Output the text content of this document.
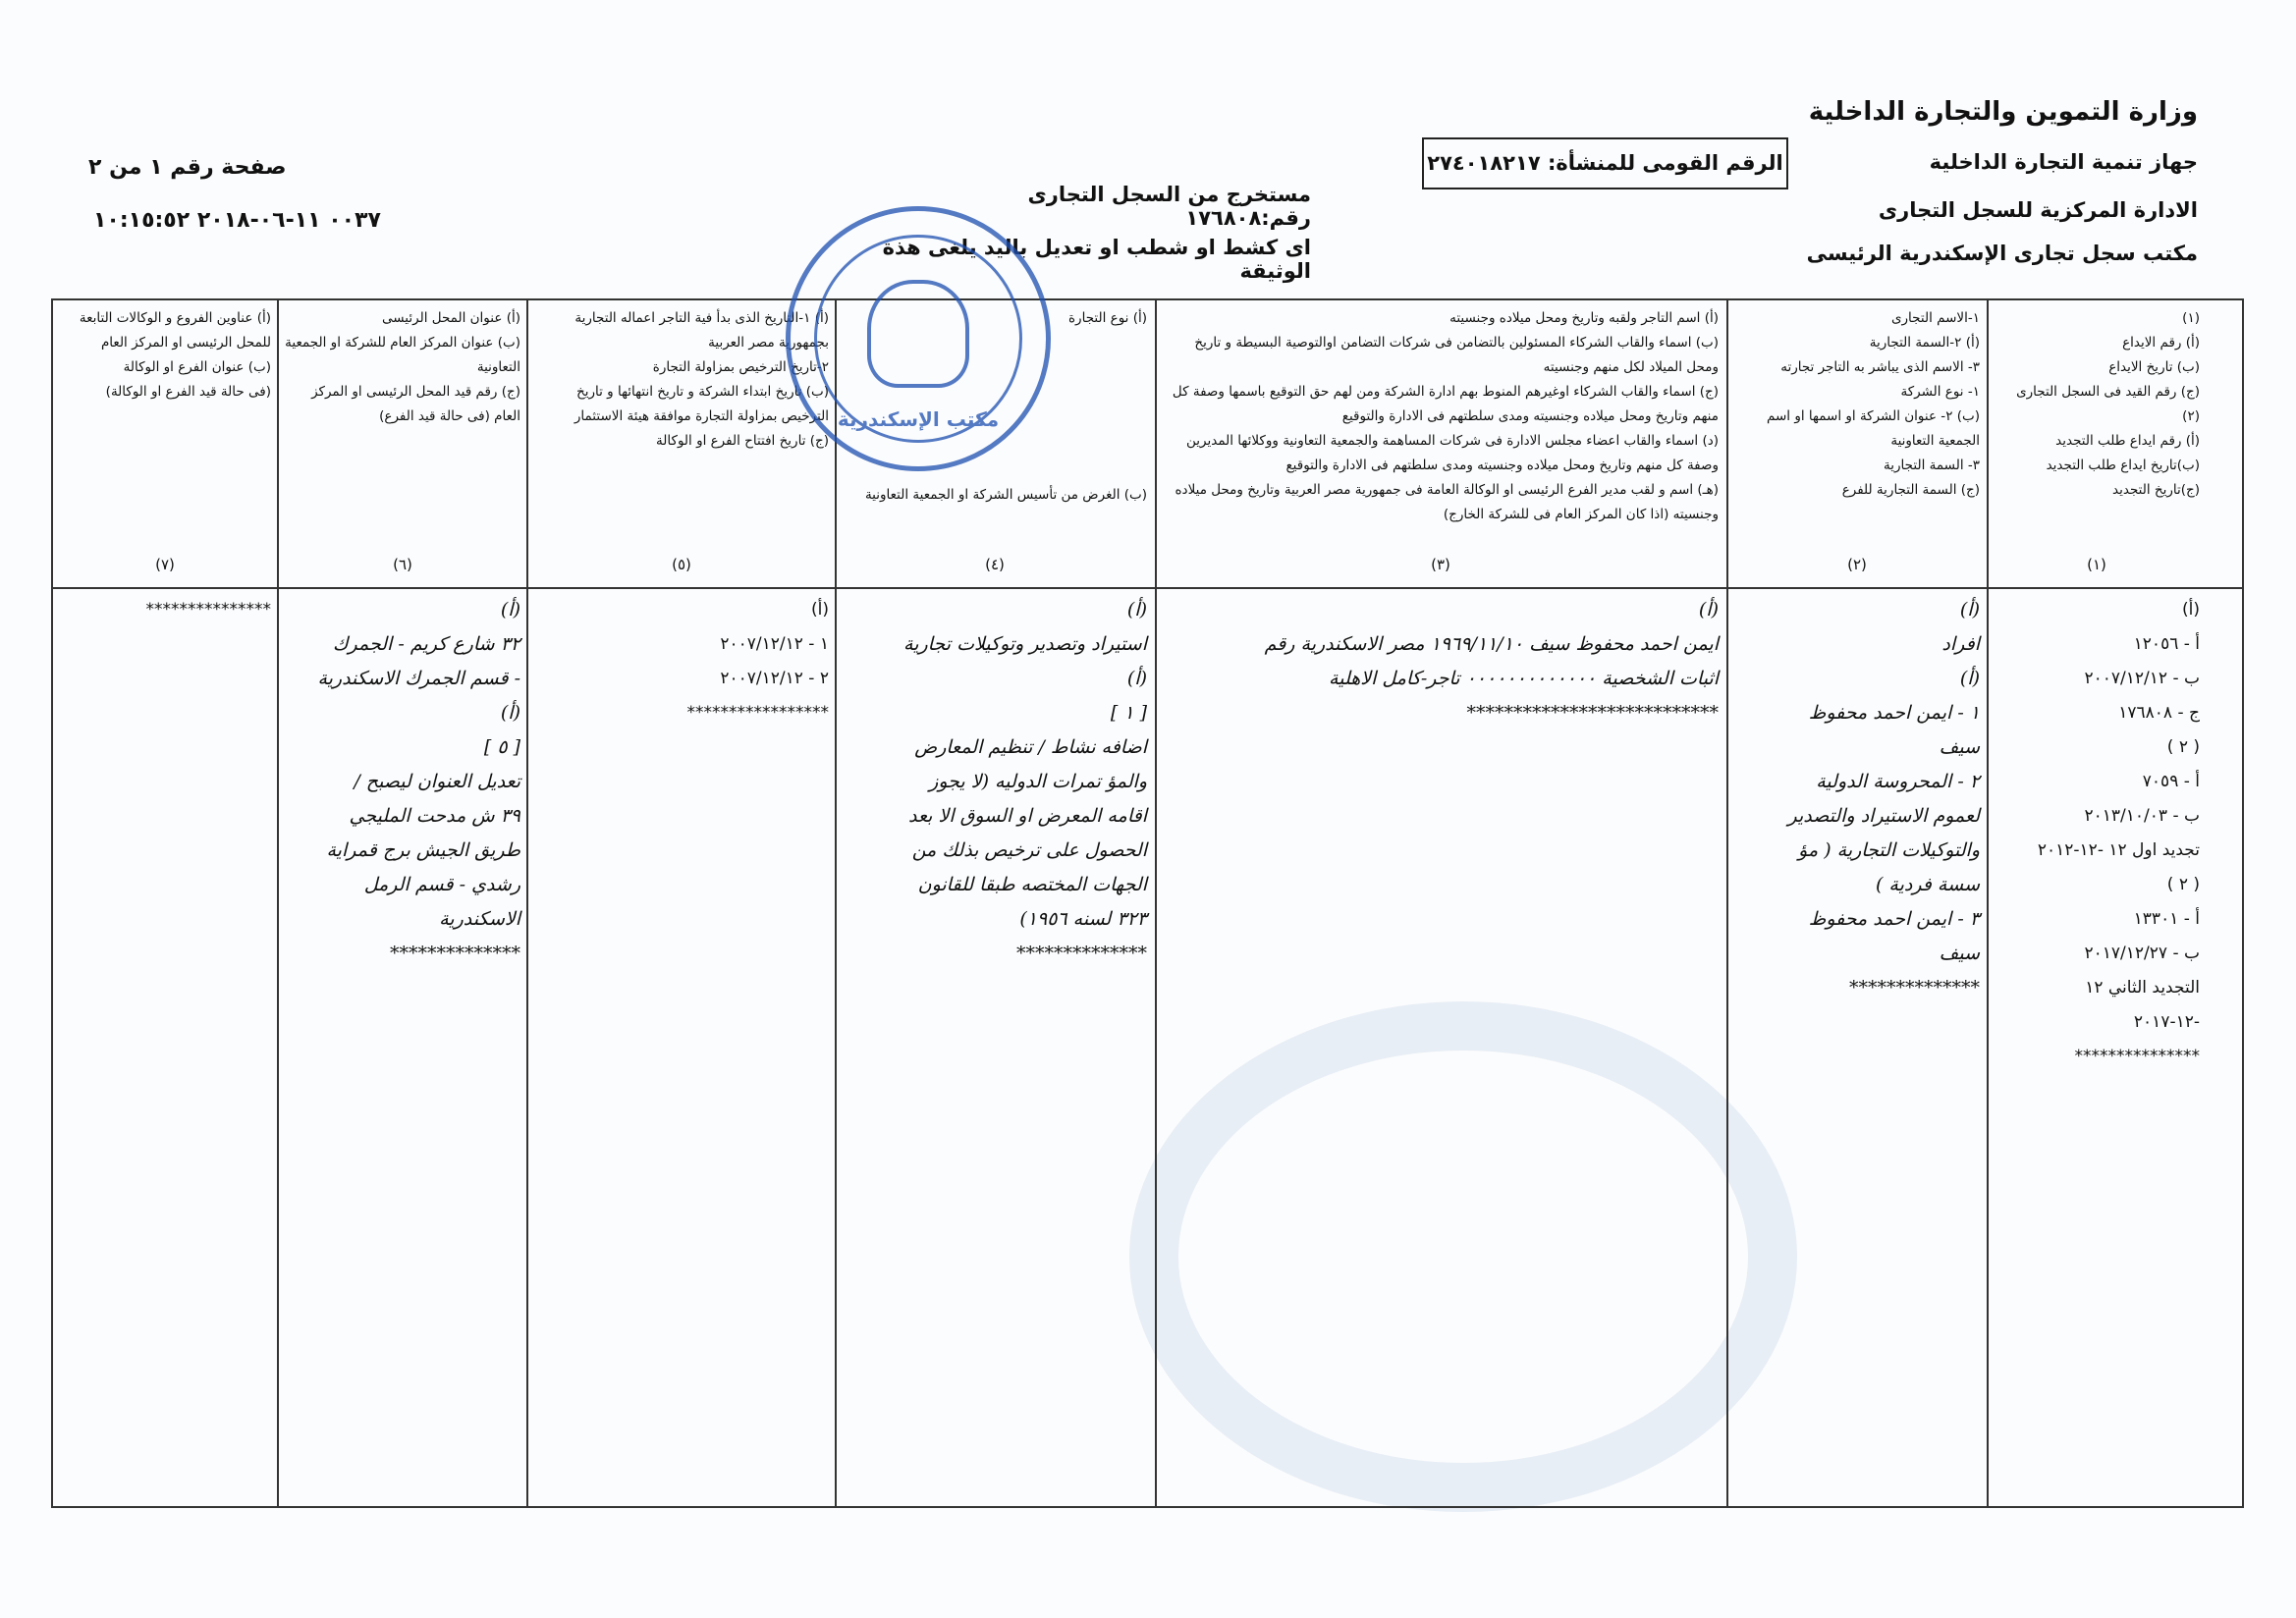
وزارة التموين والتجارة الداخلية
جهاز تنمية التجارة الداخلية
الادارة المركزية للسجل التجارى
مكتب سجل تجارى الإسكندرية الرئيسى
الرقم القومى للمنشأة: ٢٧٤٠١٨٢١٧
صفحة رقم ١ من ٢
٠٠٣٧ ١١-٠٦-٢٠١٨ ١٠:١٥:٥٢
مستخرج من السجل التجارى رقم:١٧٦٨٠٨
اى كشط او شطب او تعديل باليد يلغى هذة الوثيقة
(١)
(أ) رقم الايداع
(ب) تاريخ الايداع
(ج) رقم القيد فى السجل التجارى
(٢)
(أ) رقم ايداع طلب التجديد
(ب)تاريخ ايداع طلب التجديد
(ج)تاريخ التجديد
١-الاسم التجارى
(أ) ٢-السمة التجارية
٣- الاسم الذى يباشر به التاجر تجارته
١- نوع الشركة
(ب) ٢- عنوان الشركة او اسمها او اسم الجمعية التعاونية
٣- السمة التجارية
(ج) السمة التجارية للفرع
(أ) اسم التاجر ولقبه وتاريخ ومحل ميلاده وجنسيته
(ب) اسماء والقاب الشركاء المسئولين بالتضامن فى شركات التضامن اوالتوصية البسيطة و تاريخ ومحل الميلاد لكل منهم وجنسيته
(ج) اسماء والقاب الشركاء اوغيرهم المنوط بهم ادارة الشركة ومن لهم حق التوقيع باسمها وصفة كل منهم وتاريخ ومحل ميلاده وجنسيته ومدى سلطتهم فى الادارة والتوقيع
(د) اسماء والقاب اعضاء مجلس الادارة فى شركات المساهمة والجمعية التعاونية ووكلائها المديرين وصفة كل منهم وتاريخ ومحل ميلاده وجنسيته ومدى سلطتهم فى الادارة والتوقيع
(هـ) اسم و لقب مدير الفرع الرئيسى او الوكالة العامة فى جمهورية مصر العربية وتاريخ ومحل ميلاده وجنسيته (اذا كان المركز العام فى للشركة الخارج)
(أ) نوع التجارة
(ب) الغرض من تأسيس الشركة او الجمعية التعاونية
(أ) ١-التاريخ الذى بدأ فية التاجر اعماله التجارية بجمهورية مصر العربية
٢-تاريخ الترخيص بمزاولة التجارة
(ب) تاريخ ابتداء الشركة و تاريخ انتهائها و تاريخ الترخيص بمزاولة التجارة موافقة هيئة الاستثمار
(ج) تاريخ افتتاح الفرع او الوكالة
(أ) عنوان المحل الرئيسى
(ب) عنوان المركز العام للشركة او الجمعية التعاونية
(ج) رقم قيد المحل الرئيسى او المركز العام (فى حالة قيد الفرع)
(أ) عناوين الفروع و الوكالات التابعة للمحل الرئيسى او المركز العام
(ب) عنوان الفرع او الوكالة
(فى حالة قيد الفرع او الوكالة)
(١)
(٢)
(٣)
(٤)
(٥)
(٦)
(٧)
(أ)
أ - ١٢٠٥٦
ب - ٢٠٠٧/١٢/١٢
ج - ١٧٦٨٠٨
( ٢ )
أ - ٧٠٥٩
ب - ٢٠١٣/١٠/٠٣
تجديد اول ١٢ -١٢-٢٠١٢
( ٢ )
أ - ١٣٣٠١
ب - ٢٠١٧/١٢/٢٧
التجديد الثاني ١٢
-١٢-٢٠١٧
***************
(أ)
افراد
(أ)
١ - ايمن احمد محفوظ
سيف
٢ - المحروسة الدولية
لعموم الاستيراد والتصدير
والتوكيلات التجارية ( مؤ
سسة فردية )
٣ - ايمن احمد محفوظ
سيف
**************
(أ)
ايمن احمد محفوظ سيف ١٩٦٩/١١/١٠ مصر الاسكندرية رقم
اثبات الشخصية ٠٠٠٠٠٠٠٠٠٠٠٠٠ تاجر-كامل الاهلية
***************************
(أ)
استيراد وتصدير وتوكيلات تجارية
(أ)
[ ١ ]
اضافه نشاط / تنظيم المعارض
والمؤ تمرات الدوليه (لا يجوز
اقامه المعرض او السوق الا بعد
الحصول على ترخيص بذلك من
الجهات المختصه طبقا للقانون
٣٢٣ لسنه ١٩٥٦)
**************
(أ)
١ - ٢٠٠٧/١٢/١٢
٢ - ٢٠٠٧/١٢/١٢
*****************
(أ)
٣٢ شارع كريم - الجمرك
- قسم الجمرك الاسكندرية
(أ)
[ ٥ ]
تعديل العنوان ليصبح /
٣٩ ش مدحت المليجي
طريق الجيش برج قمراية
رشدي - قسم الرمل الاسكندرية
**************
***************
مكتب الإسكندرية
